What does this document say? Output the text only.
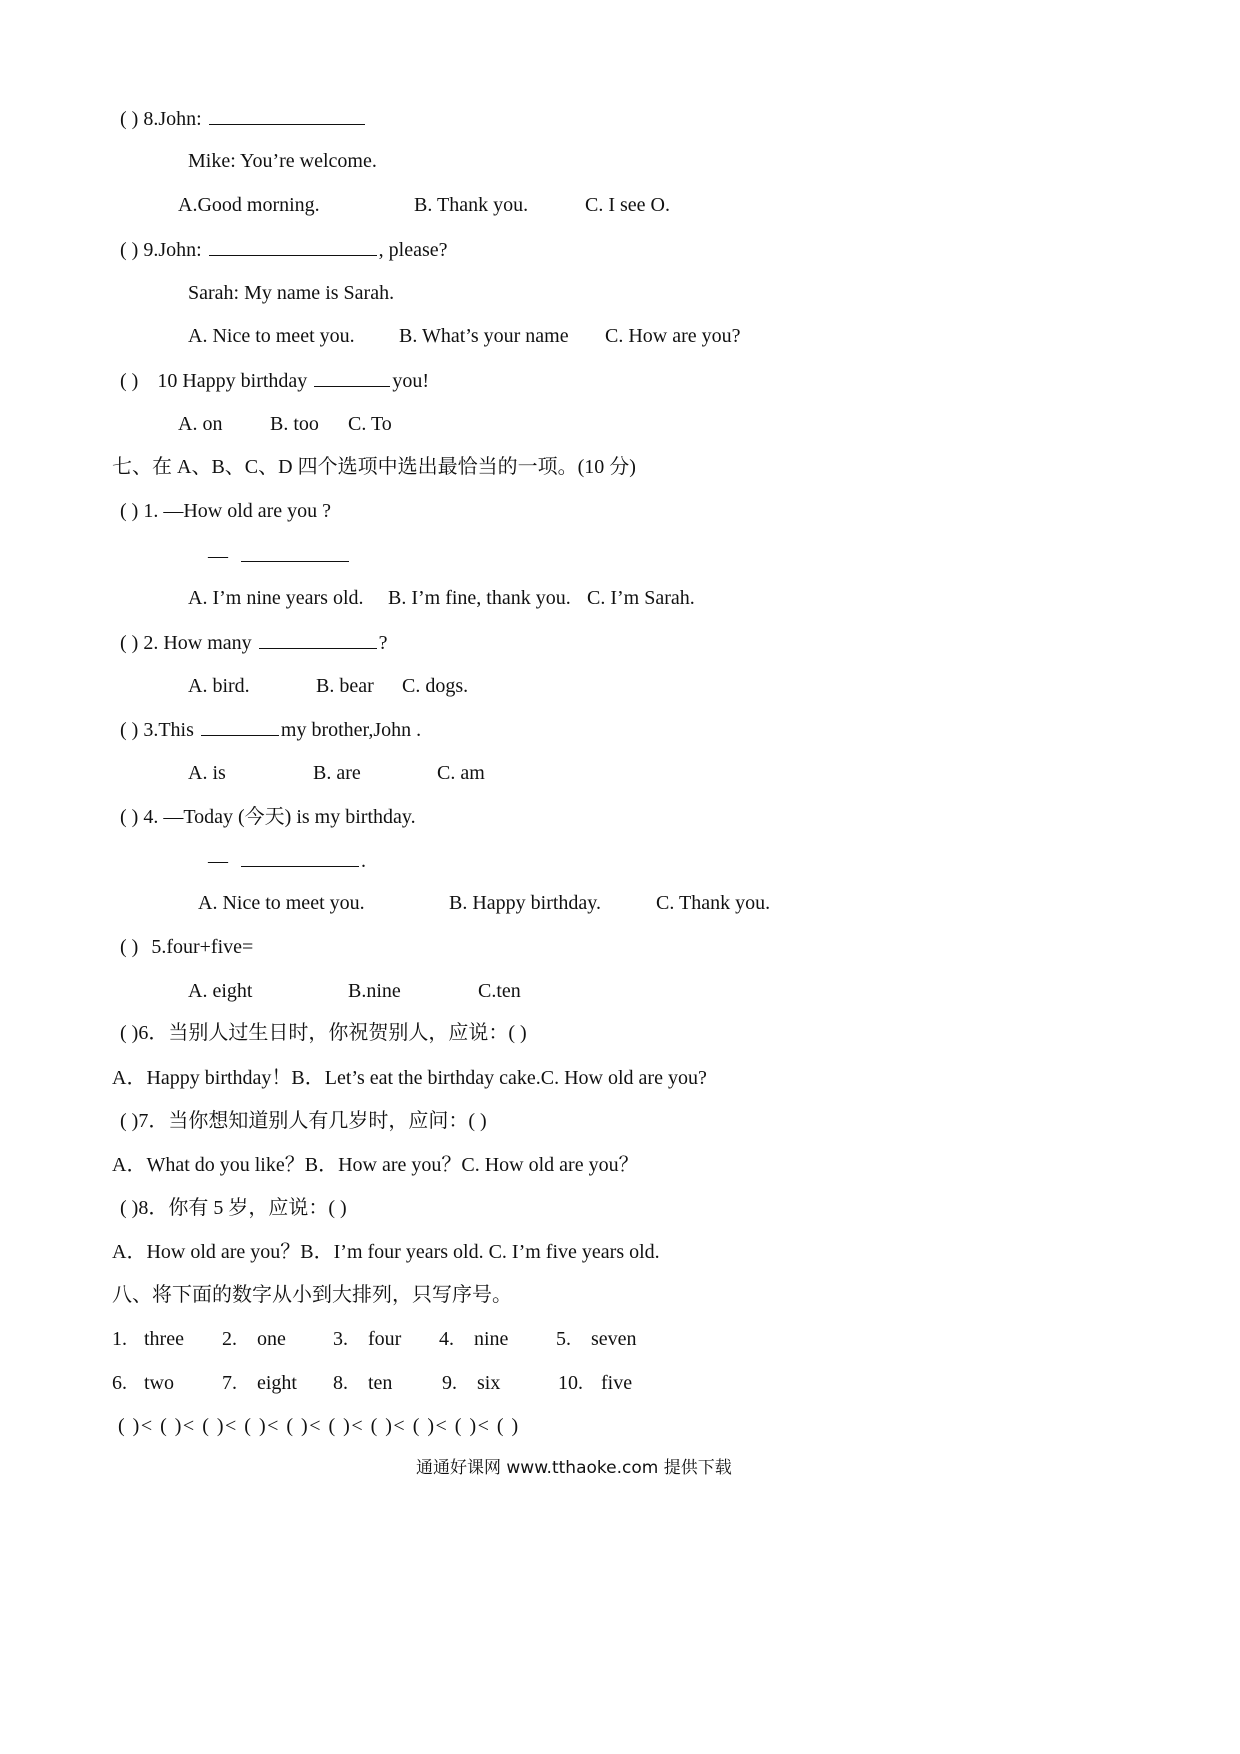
( ) 8.John:
Mike: You’re welcome.
A.Good morning.	B. Thank you.	C. I see O.
( ) 9.John:	, please?
Sarah: My name is Sarah.
A. Nice to meet you. B. What’s your name C. How are you?
( ) 10 Happy birthday	you!
A. on B. too C. To
七、在 A、B、C、D 四个选项中选出最恰当的一项。(10 分)
( ) 1. —How old are you ?
—
A. I’m nine years old. B. I’m fine, thank you. C. I’m Sarah.
( ) 2. How many	?
A. bird.	B. bear C. dogs.
( ) 3.This	my brother,John .
A. is	B. are	C. am
( ) 4. —Today (今天) is my birthday.
—	.
A. Nice to meet you.	B. Happy birthday.	C. Thank you.
( ) 5.four+five=
A. eight	B.nine	C.ten
( )6．当别人过生日时，你祝贺别人，应说：( )
A．Happy birthday！B．Let’s eat the birthday cake.C. How old are you?
( )7．当你想知道别人有几岁时，应问：( )
A．What do you like？B．How are you？C. How old are you？
( )8．你有 5 岁，应说：( )
A．How old are you？B．I’m four years old. C. I’m five years old.
八、将下面的数字从小到大排列，只写序号。
1. three 2. one 3. four 4. nine 5. seven
6. two 7. eight 8. ten 9. six	10. five
( )< ( )< ( )< ( )< ( )< ( )< ( )< ( )< ( )< ( )
通通好课网 www.tthaoke.com 提供下载
